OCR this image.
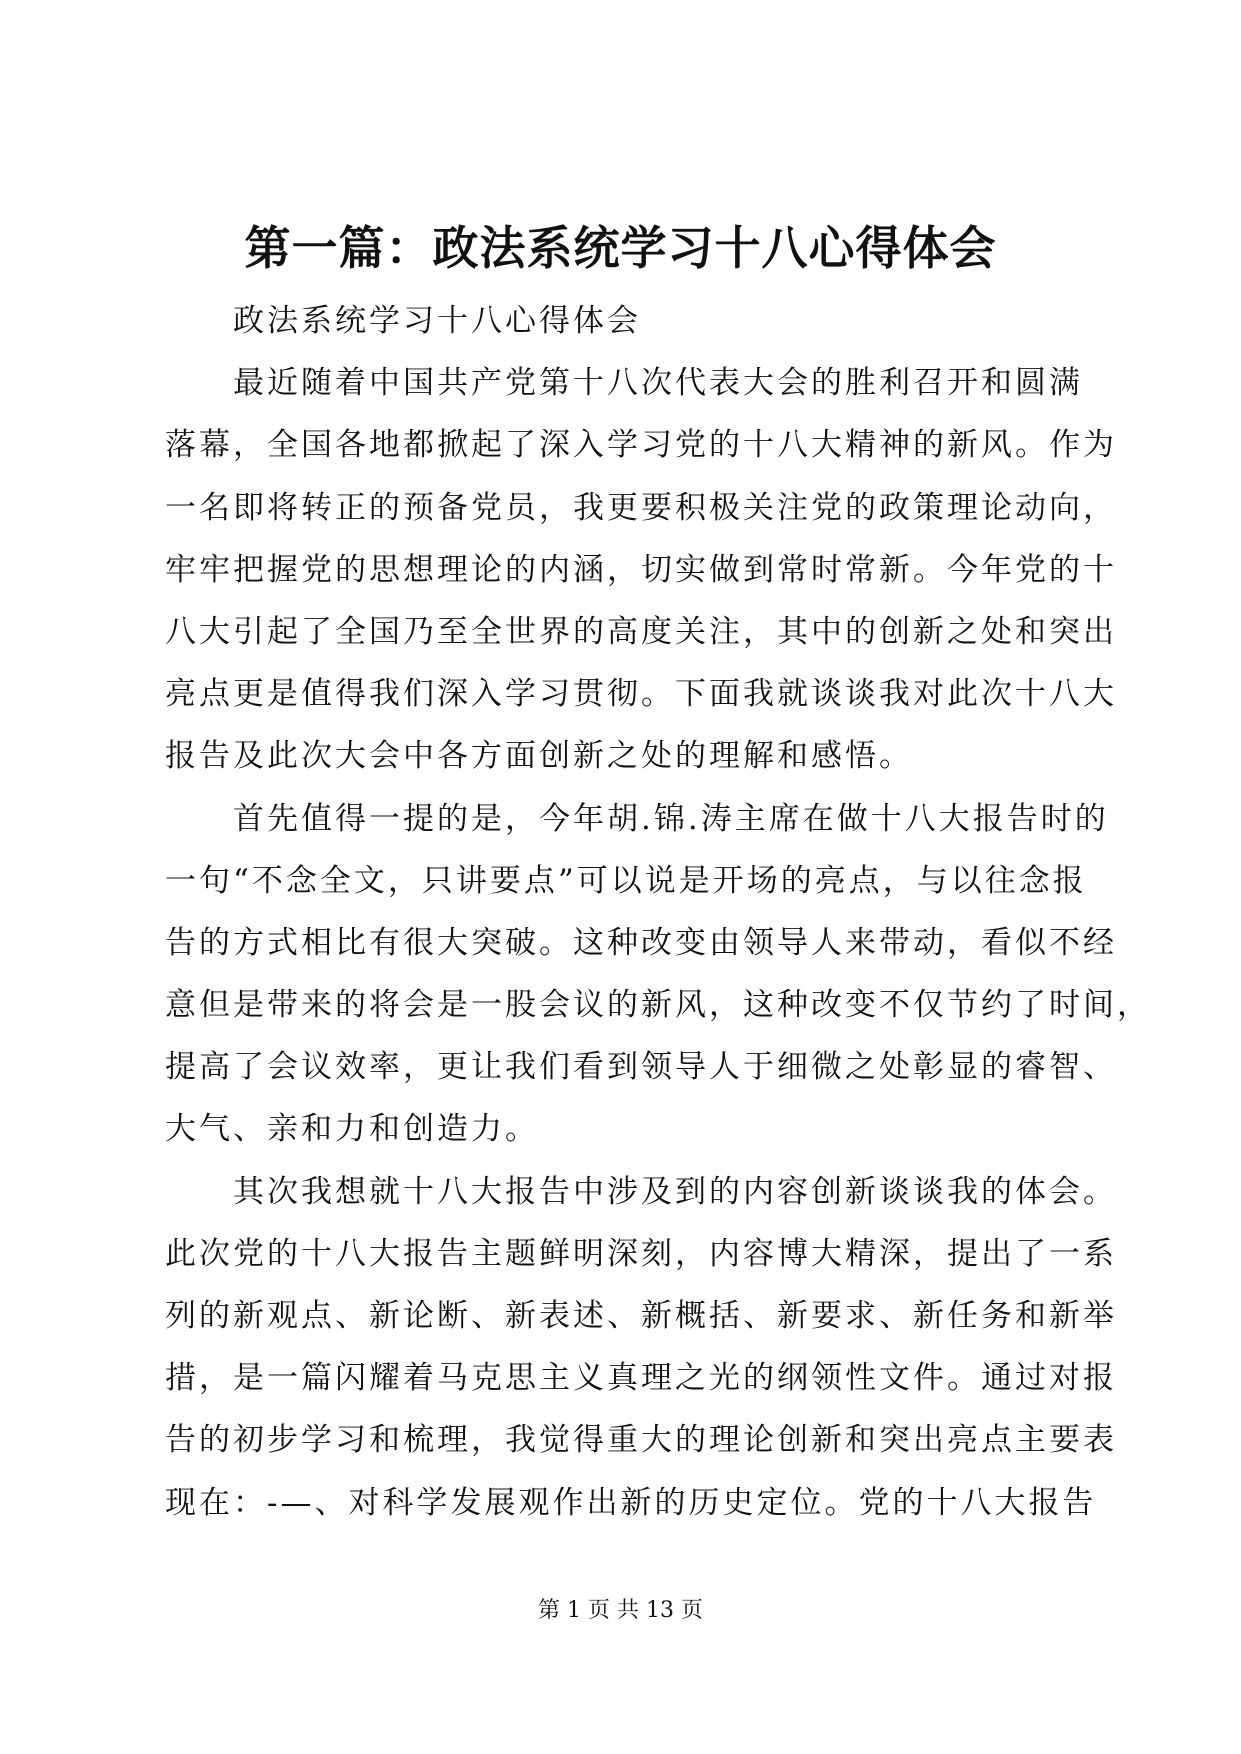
第一篇：政法系统学习十八心得体会
政法系统学习十八心得体会
最近随着中国共产党第十八次代表大会的胜利召开和圆满
落幕，全国各地都掀起了深入学习党的十八大精神的新风。作为
一名即将转正的预备党员，我更要积极关注党的政策理论动向，
牢牢把握党的思想理论的内涵，切实做到常时常新。今年党的十
八大引起了全国乃至全世界的高度关注，其中的创新之处和突出
亮点更是值得我们深入学习贯彻。下面我就谈谈我对此次十八大
报告及此次大会中各方面创新之处的理解和感悟。
首先值得一提的是，今年胡.锦.涛主席在做十八大报告时的
一句“不念全文，只讲要点”可以说是开场的亮点，与以往念报
告的方式相比有很大突破。这种改变由领导人来带动，看似不经
意但是带来的将会是一股会议的新风，这种改变不仅节约了时间，
提高了会议效率，更让我们看到领导人于细微之处彰显的睿智、
大气、亲和力和创造力。
其次我想就十八大报告中涉及到的内容创新谈谈我的体会。
此次党的十八大报告主题鲜明深刻，内容博大精深，提出了一系
列的新观点、新论断、新表述、新概括、新要求、新任务和新举
措，是一篇闪耀着马克思主义真理之光的纲领性文件。通过对报
告的初步学习和梳理，我觉得重大的理论创新和突出亮点主要表
现在：-—、对科学发展观作出新的历史定位。党的十八大报告
第 1 页 共 13 页
